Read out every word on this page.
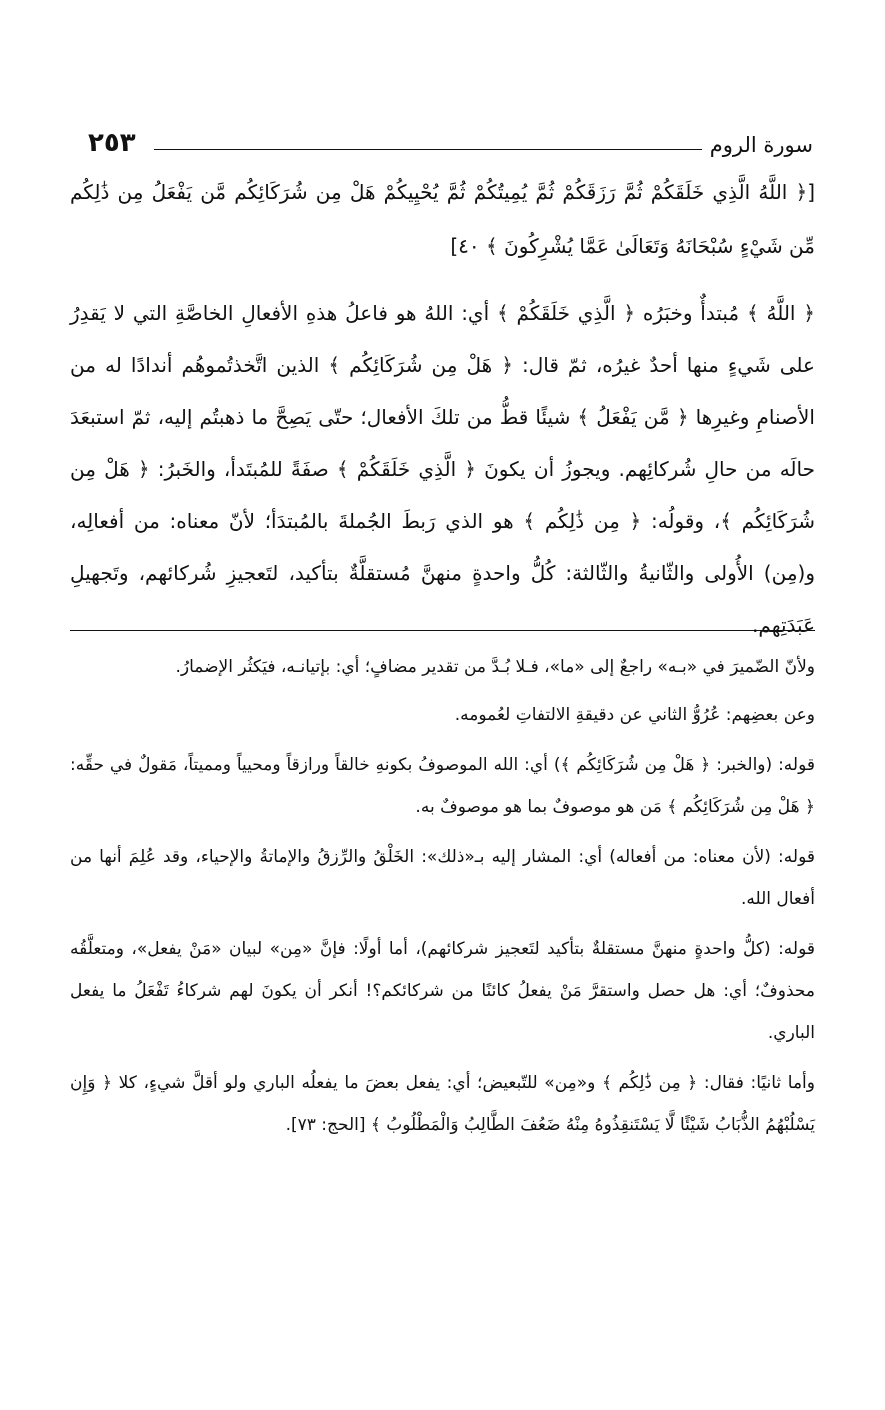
٢٥٣	سورة الروم

[﴿ اللَّهُ الَّذِي خَلَقَكُمْ ثُمَّ رَزَقَكُمْ ثُمَّ يُمِيتُكُمْ ثُمَّ يُحْيِيكُمْ هَلْ مِن شُرَكَائِكُم مَّن يَفْعَلُ مِن ذَٰلِكُم مِّن شَيْءٍ سُبْحَانَهُ وَتَعَالَىٰ عَمَّا يُشْرِكُونَ ﴾ ٤٠]

﴿ اللَّهُ ﴾ مُبتدأٌ وخبَرُه ﴿ الَّذِي خَلَقَكُمْ ﴾ أي: اللهُ هو فاعلُ هذهِ الأفعالِ الخاصَّةِ التي لا يَقدِرُ على شَيءٍ منها أحدٌ غيرُه، ثمّ قال: ﴿ هَلْ مِن شُرَكَائِكُم ﴾ الذين اتَّخذتُموهُم أندادًا له من الأصنامِ وغيرِها ﴿ مَّن يَفْعَلُ ﴾ شيئًا قطُّ من تلكَ الأفعال؛ حتّى يَصِحَّ ما ذهبتُم إليه، ثمّ استبعَدَ حالَه من حالِ شُركائِهم. ويجوزُ أن يكونَ ﴿ الَّذِي خَلَقَكُمْ ﴾ صفَةً للمُبتَدأ، والخَبرُ: ﴿ هَلْ مِن شُرَكَائِكُم ﴾، وقولُه: ﴿ مِن ذَٰلِكُم ﴾ هو الذي رَبطَ الجُملةَ بالمُبتدَأ؛ لأنّ معناه: من أفعالِه، و(مِن) الأُولى والثّانيةُ والثّالثة: كُلُّ واحدةٍ منهنَّ مُستقلَّةٌ بتأكيد، لتَعجيزِ شُركائهم، وتَجهيلِ عَبَدَتِهم.

ولأنّ الضّميرَ في «بـه» راجعٌ إلى «ما»، فـلا بُـدَّ من تقدير مضافٍ؛ أي: بإتيانـه، فيَكثُر الإضمارُ.

وعن بعضِهم: عُرُوُّ الثاني عن دقيقةِ الالتفاتِ لعُمومه.

قوله: (والخبر: ﴿ هَلْ مِن شُرَكَائِكُم ﴾) أي: الله الموصوفُ بكونهِ خالقاً ورازقاً ومحيياً ومميتاً، مَقولٌ في حقِّه: ﴿ هَلْ مِن شُرَكَائِكُم ﴾ مَن هو موصوفٌ بما هو موصوفٌ به.

قوله: (لأن معناه: من أفعاله) أي: المشار إليه بـ«ذلك»: الخَلْقُ والرِّزقُ والإماتةُ والإحياء، وقد عُلِمَ أنها من أفعال الله.

قوله: (كلُّ واحدةٍ منهنَّ مستقلةٌ بتأكيد لتَعجيز شركائهم)، أما أولًا: فإنَّ «مِن» لبيان «مَنْ يفعل»، ومتعلَّقُه محذوفٌ؛ أي: هل حصل واستقرَّ مَنْ يفعلُ كائنًا من شركائكم؟! أنكر أن يكونَ لهم شركاءُ تَفْعَلُ ما يفعل الباري.

وأما ثانيًا: فقال: ﴿ مِن ذَٰلِكُم ﴾ و«مِن» للتّبعيض؛ أي: يفعل بعضَ ما يفعلُه الباري ولو أقلَّ شيءٍ، كلا ﴿ وَإِن يَسْلُبْهُمُ الذُّبَابُ شَيْئًا لَّا يَسْتَنقِذُوهُ مِنْهُ ضَعُفَ الطَّالِبُ وَالْمَطْلُوبُ ﴾ [الحج: ٧٣].
